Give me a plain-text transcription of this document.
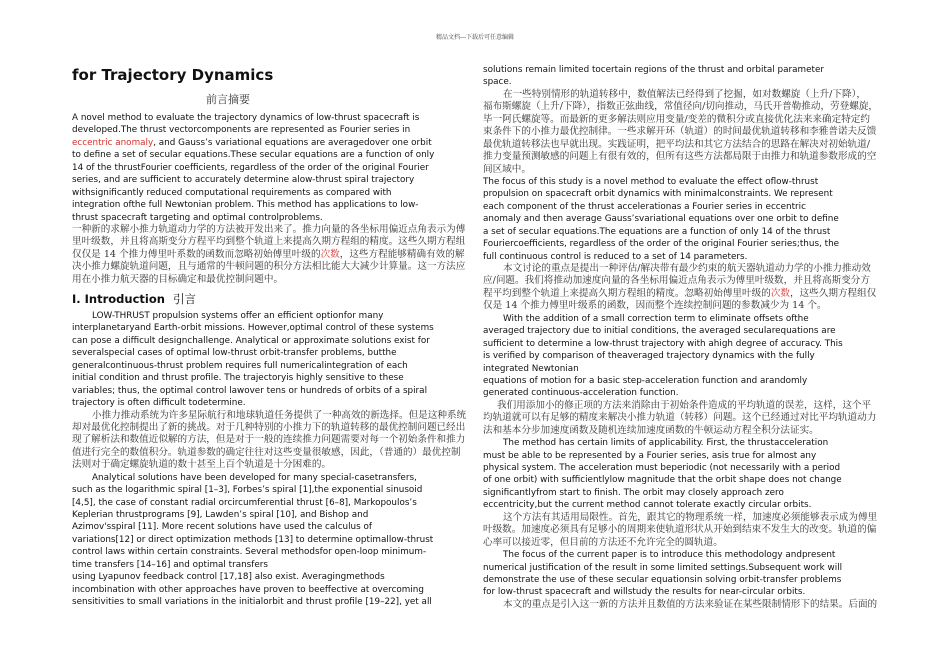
精品文档---下载后可任意编辑
for Trajectory Dynamics
前言摘要
A novel method to evaluate the trajectory dynamics of low-thrust spacecraft is
developed.The thrust vectorcomponents are represented as Fourier series in
eccentric anomaly, and Gauss’s variational equations are averagedover one orbit
to define a set of secular equations.These secular equations are a function of only
14 of the thrustFourier coefficients, regardless of the order of the original Fourier
series, and are sufficient to accurately determine alow-thrust spiral trajectory
withsignificantly reduced computational requirements as compared with
integration ofthe full Newtonian problem. This method has applications to low-
thrust spacecraft targeting and optimal controlproblems.
一种新的求解小推力轨道动力学的方法被开发出来了。推力向量的各坐标用偏近点角表示为傅
里叶级数，并且将高斯变分方程平均到整个轨道上来提高久期方程组的精度。这些久期方程组
仅仅是 14 个推力傅里叶系数的函数而忽略初始傅里叶级的次数，这些方程能够精确有效的解
决小推力螺旋轨道问题，且与通常的牛顿问题的积分方法相比能大大减少计算量。这一方法应
用在小推力航天器的目标确定和最优控制问题中。
I. Introduction 引言
LOW-THRUST propulsion systems offer an efficient optionfor many
interplanetaryand Earth-orbit missions. However,optimal control of these systems
can pose a difficult designchallenge. Analytical or approximate solutions exist for
severalspecial cases of optimal low-thrust orbit-transfer problems, butthe
generalcontinuous-thrust problem requires full numericalintegration of each
initial condition and thrust profile. The trajectoryis highly sensitive to these
variables; thus, the optimal control lawover tens or hundreds of orbits of a spiral
trajectory is often difficult todetermine.
小推力推动系统为许多星际航行和地球轨道任务提供了一种高效的新选择。但是这种系统
却对最优化控制提出了新的挑战。对于几种特别的小推力下的轨道转移的最优控制问题已经出
现了解析法和数值近似解的方法，但是对于一般的连续推力问题需要对每一个初始条件和推力
值进行完全的数值积分。轨道参数的确定往往对这些变量很敏感，因此，（普通的）最优控制
法则对于确定螺旋轨道的数十甚至上百个轨道是十分困难的。
Analytical solutions have been developed for many special-casetransfers,
such as the logarithmic spiral [1–3], Forbes’s spiral [1],the exponential sinusoid
[4,5], the case of constant radial orcircumferential thrust [6–8], Markopoulos’s
Keplerian thrustprograms [9], Lawden’s spiral [10], and Bishop and
Azimov'sspiral [11]. More recent solutions have used the calculus of
variations[12] or direct optimization methods [13] to determine optimallow-thrust
control laws within certain constraints. Several methodsfor open-loop minimum-
time transfers [14–16] and optimal transfers
using Lyapunov feedback control [17,18] also exist. Averagingmethods
incombination with other approaches have proven to beeffective at overcoming
sensitivities to small variations in the initialorbit and thrust profile [19–22], yet all
solutions remain limited tocertain regions of the thrust and orbital parameter
space.
在一些特别情形的轨道转移中，数值解法已经得到了挖掘，如对数螺旋（上升/下降），
福布斯螺旋（上升/下降），指数正弦曲线，常值径向/切向推动，马氏开普勒推动，劳登螺旋，
毕一阿氏螺旋等。而最新的更多解法则应用变量/变差的微积分或直接优化法来来确定特定约
束条件下的小推力最优控制律。一些求解开环（轨道）的时间最优轨道转移和李雅普诺夫反馈
最优轨道转移法也早就出现。实践证明，把平均法和其它方法结合的思路在解决对初始轨道/
推力变量预测敏感的问题上有很有效的，但所有这些方法都局限于由推力和轨道参数形成的空
间区域中。
The focus of this study is a novel method to evaluate the effect oflow-thrust
propulsion on spacecraft orbit dynamics with minimalconstraints. We represent
each component of the thrust accelerationas a Fourier series in eccentric
anomaly and then average Gauss’svariational equations over one orbit to define
a set of secular equations.The equations are a function of only 14 of the thrust
Fouriercoefficients, regardless of the order of the original Fourier series;thus, the
full continuous control is reduced to a set of 14 parameters.
本文讨论的重点是提出一种评估/解决带有最少约束的航天器轨道动力学的小推力推动效
应/问题。我们将推动加速度向量的各坐标用偏近点角表示为傅里叶级数，并且将高斯变分方
程平均到整个轨道上来提高久期方程组的精度。忽略初始傅里叶级的次数，这些久期方程组仅
仅是 14 个推力傅里叶级系的函数，因而整个连续控制问题的参数减少为 14 个。
With the addition of a small correction term to eliminate offsets ofthe
averaged trajectory due to initial conditions, the averaged secularequations are
sufficient to determine a low-thrust trajectory with ahigh degree of accuracy. This
is verified by comparison of theaveraged trajectory dynamics with the fully
integrated Newtonian
equations of motion for a basic step-acceleration function and arandomly
generated continuous-acceleration function.
我们用添加小的修正项的方法来消除由于初始条件造成的平均轨道的误差，这样，这个平
均轨道就可以有足够的精度来解决小推力轨道（转移）问题。这个已经通过对比平均轨道动力
法和基本分步加速度函数及随机连续加速度函数的牛顿运动方程全积分法证实。
The method has certain limits of applicability. First, the thrustacceleration
must be able to be represented by a Fourier series, asis true for almost any
physical system. The acceleration must beperiodic (not necessarily with a period
of one orbit) with sufficientlylow magnitude that the orbit shape does not change
significantlyfrom start to finish. The orbit may closely approach zero
eccentricity,but the current method cannot tolerate exactly circular orbits.
这个方法有其适用局限性。首先，跟其它的物理系统一样，加速度必须能够表示成为傅里
叶级数。加速度必须具有足够小的周期来使轨道形状从开始到结束不发生大的改变。轨道的偏
心率可以接近零，但目前的方法还不允许完全的圆轨道。
The focus of the current paper is to introduce this methodology andpresent
numerical justification of the result in some limited settings.Subsequent work will
demonstrate the use of these secular equationsin solving orbit-transfer problems
for low-thrust spacecraft and willstudy the results for near-circular orbits.
本文的重点是引入这一新的方法并且数值的方法来验证在某些限制情形下的结果。后面的
